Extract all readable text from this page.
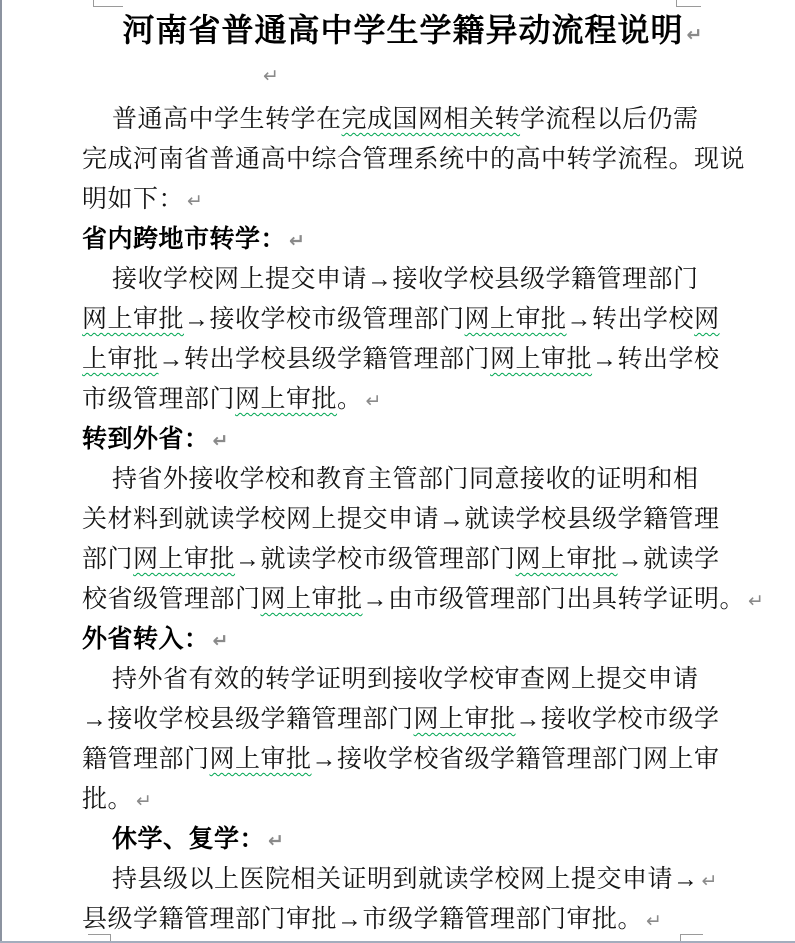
河南省普通高中学生学籍异动流程说明 ↵
↵
普通高中学生转学在完成国网相关转学流程以后仍需
完成河南省普通高中综合管理系统中的高中转学流程。现说
明如下： ↵
省内跨地市转学： ↵
接收学校网上提交申请→接收学校县级学籍管理部门
网上审批→接收学校市级管理部门网上审批→转出学校网
上审批→转出学校县级学籍管理部门网上审批→转出学校
市级管理部门网上审批。 ↵
转到外省： ↵
持省外接收学校和教育主管部门同意接收的证明和相
关材料到就读学校网上提交申请→就读学校县级学籍管理
部门网上审批→就读学校市级管理部门网上审批→就读学
校省级管理部门网上审批→由市级管理部门出具转学证明。 ↵
外省转入： ↵
持外省有效的转学证明到接收学校审查网上提交申请
→接收学校县级学籍管理部门网上审批→接收学校市级学
籍管理部门网上审批→接收学校省级学籍管理部门网上审
批。 ↵
休学、复学： ↵
持县级以上医院相关证明到就读学校网上提交申请→ ↵
县级学籍管理部门审批→市级学籍管理部门审批。 ↵
